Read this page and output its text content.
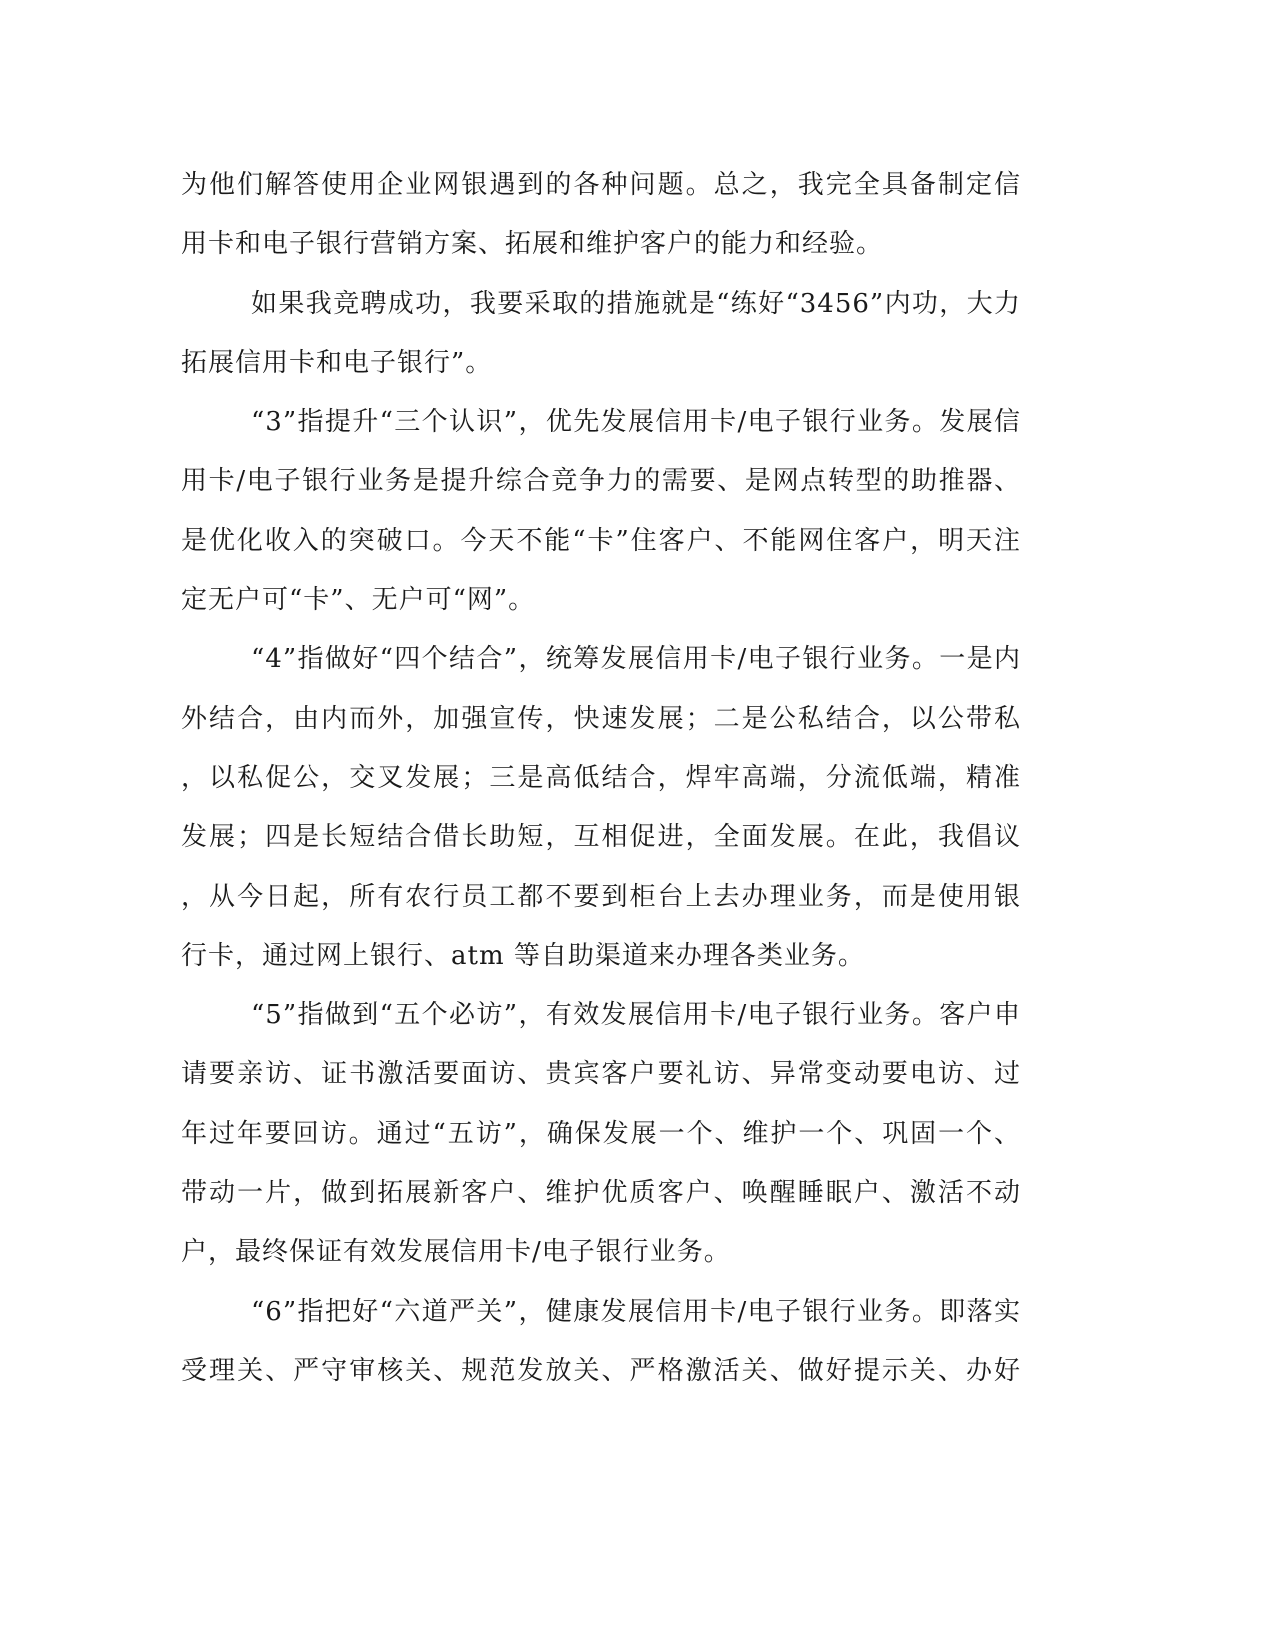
为他们解答使用企业网银遇到的各种问题。总之，我完全具备制定信
用卡和电子银行营销方案、拓展和维护客户的能力和经验。
如果我竞聘成功，我要采取的措施就是“练好“3456”内功，大力
拓展信用卡和电子银行”。
“3”指提升“三个认识”，优先发展信用卡/电子银行业务。发展信
用卡/电子银行业务是提升综合竞争力的需要、是网点转型的助推器、
是优化收入的突破口。今天不能“卡”住客户、不能网住客户，明天注
定无户可“卡”、无户可“网”。
“4”指做好“四个结合”，统筹发展信用卡/电子银行业务。一是内
外结合，由内而外，加强宣传，快速发展；二是公私结合，以公带私
，以私促公，交叉发展；三是高低结合，焊牢高端，分流低端，精准
发展；四是长短结合借长助短，互相促进，全面发展。在此，我倡议
，从今日起，所有农行员工都不要到柜台上去办理业务，而是使用银
行卡，通过网上银行、atm 等自助渠道来办理各类业务。
“5”指做到“五个必访”，有效发展信用卡/电子银行业务。客户申
请要亲访、证书激活要面访、贵宾客户要礼访、异常变动要电访、过
年过年要回访。通过“五访”，确保发展一个、维护一个、巩固一个、
带动一片，做到拓展新客户、维护优质客户、唤醒睡眠户、激活不动
户，最终保证有效发展信用卡/电子银行业务。
“6”指把好“六道严关”，健康发展信用卡/电子银行业务。即落实
受理关、严守审核关、规范发放关、严格激活关、做好提示关、办好
